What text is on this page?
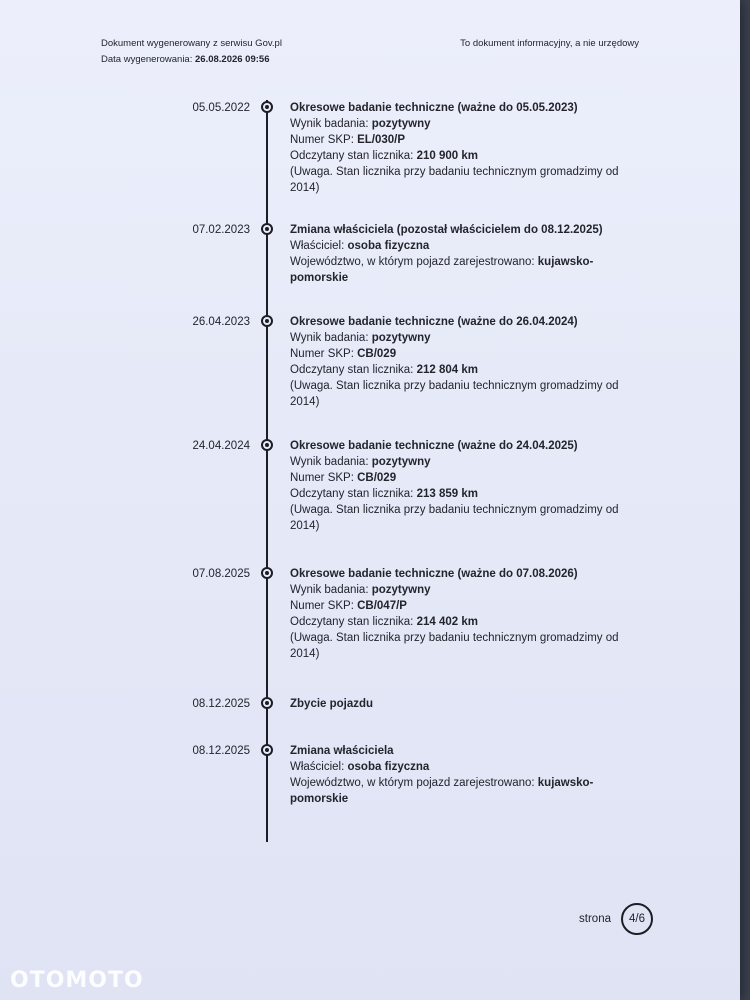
Dokument wygenerowany z serwisu Gov.pl
Data wygenerowania: 26.08.2026 09:56
To dokument informacyjny, a nie urzędowy
05.05.2022	Okresowe badanie techniczne (ważne do 05.05.2023)
Wynik badania: pozytywny
Numer SKP: EL/030/P
Odczytany stan licznika: 210 900 km
(Uwaga. Stan licznika przy badaniu technicznym gromadzimy od 2014)
07.02.2023	Zmiana właściciela (pozostał właścicielem do 08.12.2025)
Właściciel: osoba fizyczna
Województwo, w którym pojazd zarejestrowano: kujawsko-pomorskie
26.04.2023	Okresowe badanie techniczne (ważne do 26.04.2024)
Wynik badania: pozytywny
Numer SKP: CB/029
Odczytany stan licznika: 212 804 km
(Uwaga. Stan licznika przy badaniu technicznym gromadzimy od 2014)
24.04.2024	Okresowe badanie techniczne (ważne do 24.04.2025)
Wynik badania: pozytywny
Numer SKP: CB/029
Odczytany stan licznika: 213 859 km
(Uwaga. Stan licznika przy badaniu technicznym gromadzimy od 2014)
07.08.2025	Okresowe badanie techniczne (ważne do 07.08.2026)
Wynik badania: pozytywny
Numer SKP: CB/047/P
Odczytany stan licznika: 214 402 km
(Uwaga. Stan licznika przy badaniu technicznym gromadzimy od 2014)
08.12.2025	Zbycie pojazdu
08.12.2025	Zmiana właściciela
Właściciel: osoba fizyczna
Województwo, w którym pojazd zarejestrowano: kujawsko-pomorskie
strona	4/6
OTOMOTO
